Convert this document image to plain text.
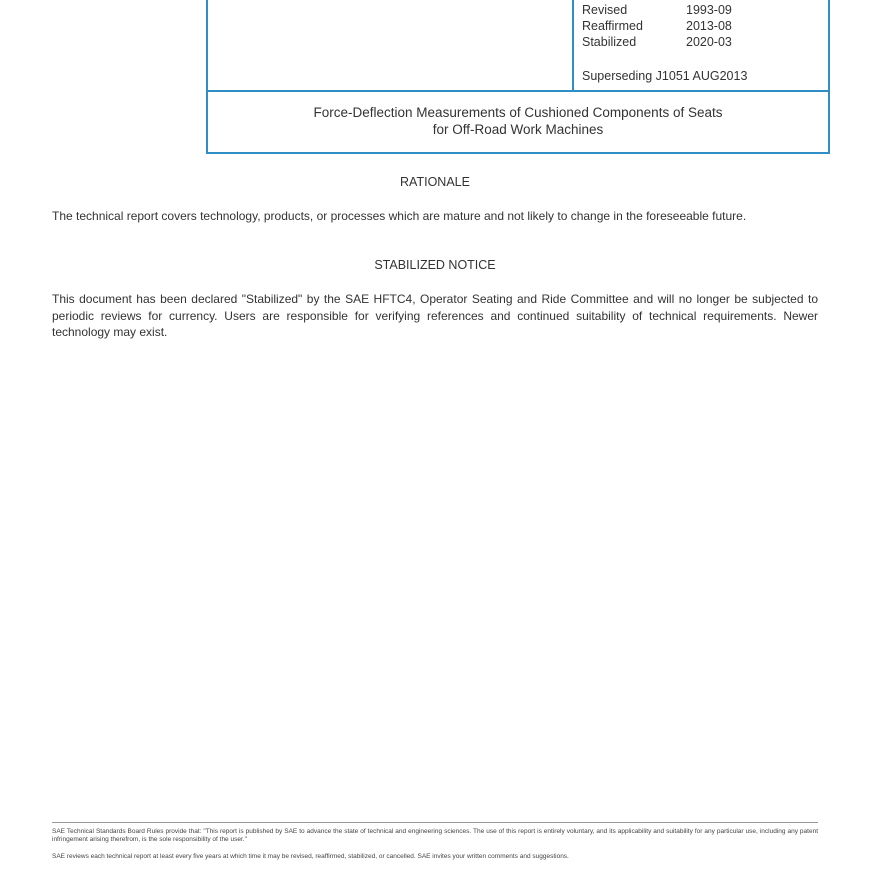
Revised	1993-09
Reaffirmed	2013-08
Stabilized	2020-03
Superseding J1051 AUG2013
Force-Deflection Measurements of Cushioned Components of Seats
for Off-Road Work Machines
RATIONALE
The technical report covers technology, products, or processes which are mature and not likely to change in the foreseeable future.
STABILIZED NOTICE
This document has been declared "Stabilized" by the SAE HFTC4, Operator Seating and Ride Committee and will no longer be subjected to periodic reviews for currency. Users are responsible for verifying references and continued suitability of technical requirements. Newer technology may exist.
SAE Technical Standards Board Rules provide that: "This report is published by SAE to advance the state of technical and engineering sciences. The use of this report is entirely voluntary, and its applicability and suitability for any particular use, including any patent infringement arising therefrom, is the sole responsibility of the user."
SAE reviews each technical report at least every five years at which time it may be revised, reaffirmed, stabilized, or cancelled. SAE invites your written comments and suggestions.
